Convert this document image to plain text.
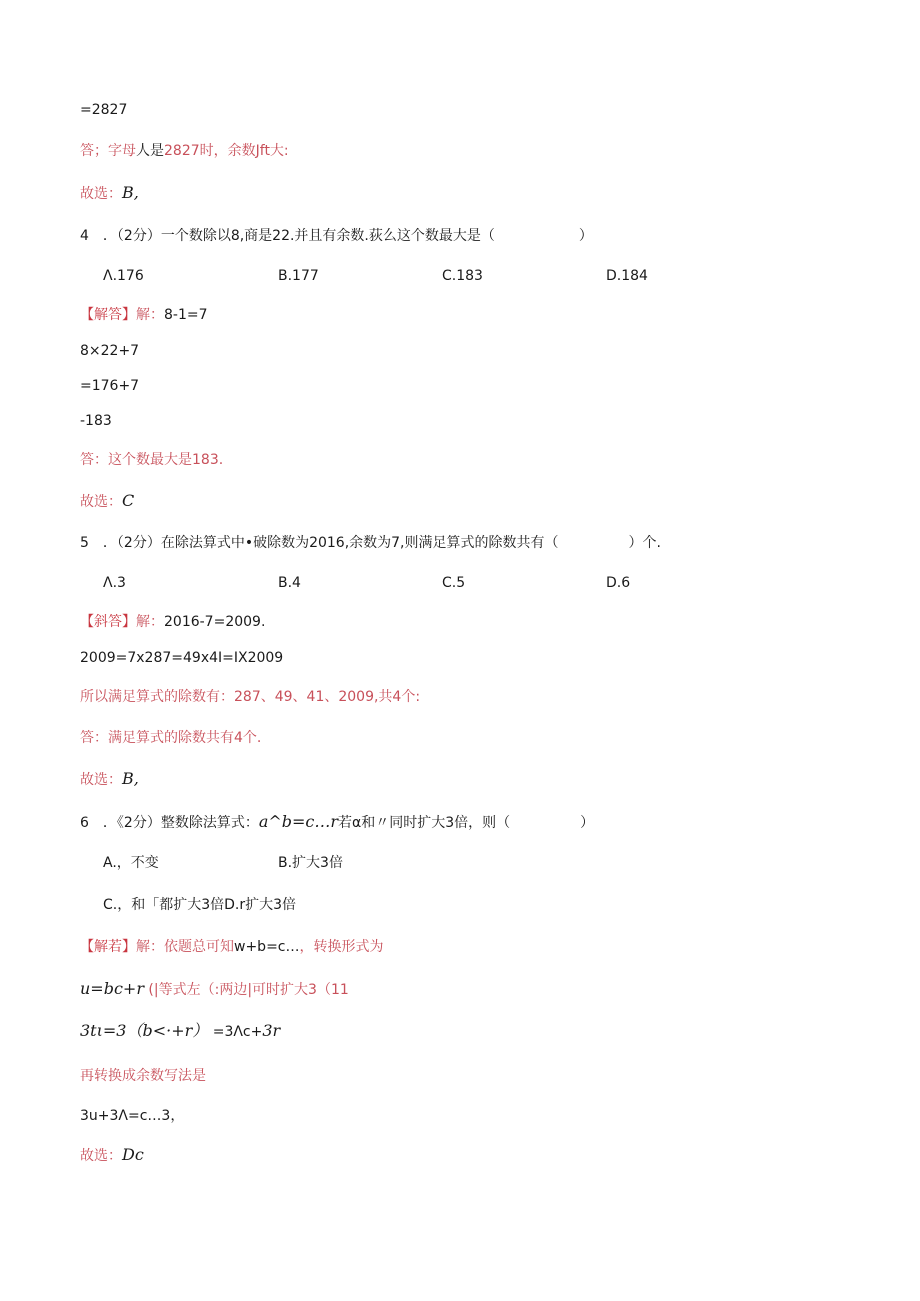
=2827
答；字母人是2827时，余数Jft大:
故选：B,
4　．（2分）一个数除以8,商是22.并且有余数.荻么这个数最大是（　　　　　　）
Λ.176	B.177	C.183	D.184
【解答】解：8-1=7
8×22+7
=176+7
-183
答：这个数最大是183.
故选：C
5　．（2分）在除法算式中•破除数为2016,余数为7,则满足算式的除数共有（　　　　　）个.
Λ.3	B.4	C.5	D.6
【斜答】解：2016-7=2009.
2009=7x287=49x4I=IX2009
所以满足算式的除数有：287、49、41、2009,共4个:
答：满足算式的除数共有4个.
故选：B,
6　．《2分）整数除法算式：a^b=c…r若α和〃同时扩大3倍，则（　　　　　）
A.，不变	B.扩大3倍
C.，和「都扩大3倍D.r扩大3倍
【解若】解：依题总可知w+b=c…，转换形式为
u=bc+r (|等式左（:两边|可时扩大3（11
3tι=3（b<·+r） =3Λc+3r
再转换成余数写法是
3u+3Λ=c…3，
故选：Dc
